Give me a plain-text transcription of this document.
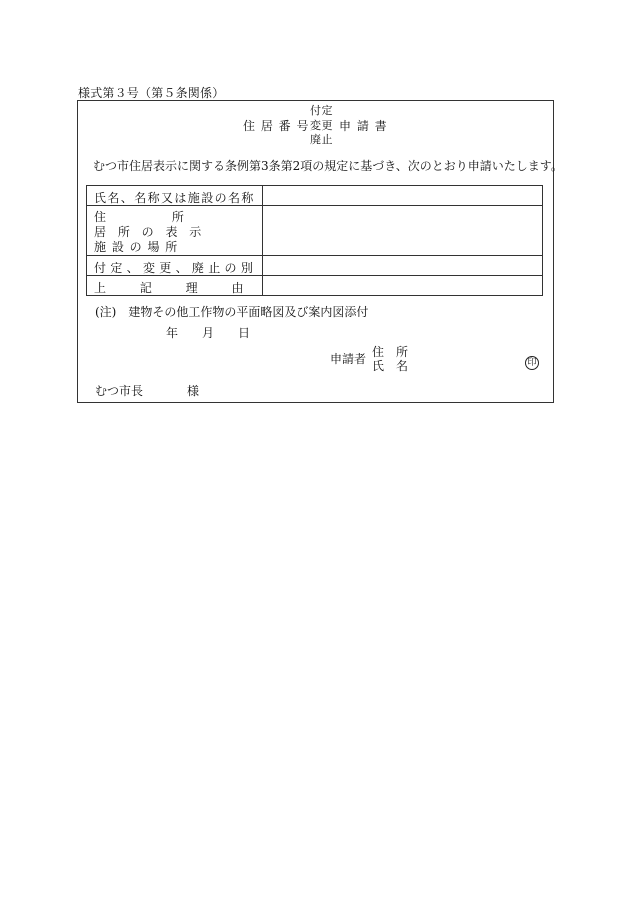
様式第３号（第５条関係）
住 居 番 号
付定
変更
廃止
申 請 書
むつ市住居表示に関する条例第3条第2項の規定に基づき、次のとおり申請いたします。
氏名、名称又は施設の名称
住 所
居 所 の 表 示
施 設 の 場 所
付 定 、 変 更 、 廃 止 の 別
上 記 理 由
(注)　建物その他工作物の平面略図及び案内図添付
年 月 日
申請者 住　所
氏　名	印
むつ市長	様
